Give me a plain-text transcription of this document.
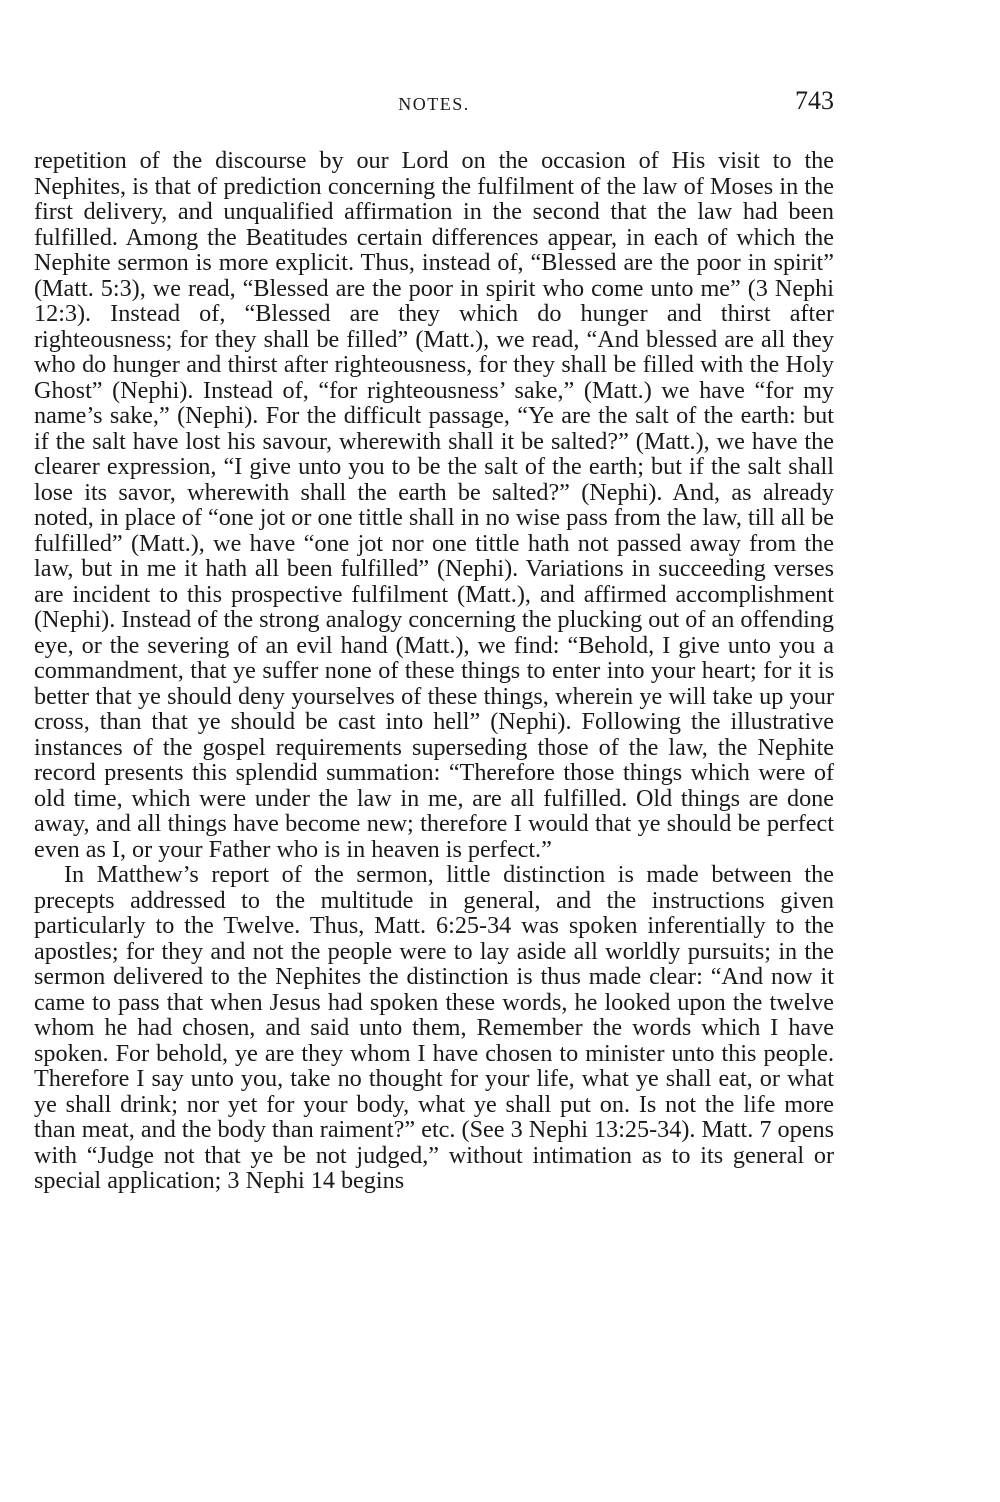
NOTES.	743

repetition of the discourse by our Lord on the occasion of His visit to the Nephites, is that of prediction concerning the fulfilment of the law of Moses in the first delivery, and unqualified affirmation in the second that the law had been fulfilled. Among the Beatitudes certain differences appear, in each of which the Nephite sermon is more explicit. Thus, instead of, “Blessed are the poor in spirit” (Matt. 5:3), we read, “Blessed are the poor in spirit who come unto me” (3 Nephi 12:3). Instead of, “Blessed are they which do hunger and thirst after righteousness; for they shall be filled” (Matt.), we read, “And blessed are all they who do hunger and thirst after righteousness, for they shall be filled with the Holy Ghost” (Nephi). Instead of, “for righteousness’ sake,” (Matt.) we have “for my name’s sake,” (Nephi). For the difficult passage, “Ye are the salt of the earth: but if the salt have lost his savour, wherewith shall it be salted?” (Matt.), we have the clearer expression, “I give unto you to be the salt of the earth; but if the salt shall lose its savor, wherewith shall the earth be salted?” (Nephi). And, as already noted, in place of “one jot or one tittle shall in no wise pass from the law, till all be fulfilled” (Matt.), we have “one jot nor one tittle hath not passed away from the law, but in me it hath all been fulfilled” (Nephi). Variations in succeeding verses are incident to this prospective fulfilment (Matt.), and affirmed accomplishment (Nephi). Instead of the strong analogy concerning the plucking out of an offending eye, or the severing of an evil hand (Matt.), we find: “Behold, I give unto you a commandment, that ye suffer none of these things to enter into your heart; for it is better that ye should deny yourselves of these things, wherein ye will take up your cross, than that ye should be cast into hell” (Nephi). Following the illustrative instances of the gospel requirements superseding those of the law, the Nephite record presents this splendid summation: “Therefore those things which were of old time, which were under the law in me, are all fulfilled. Old things are done away, and all things have become new; therefore I would that ye should be perfect even as I, or your Father who is in heaven is perfect.”

In Matthew’s report of the sermon, little distinction is made between the precepts addressed to the multitude in general, and the instructions given particularly to the Twelve. Thus, Matt. 6:25-34 was spoken inferentially to the apostles; for they and not the people were to lay aside all worldly pursuits; in the sermon delivered to the Nephites the distinction is thus made clear: “And now it came to pass that when Jesus had spoken these words, he looked upon the twelve whom he had chosen, and said unto them, Remember the words which I have spoken. For behold, ye are they whom I have chosen to minister unto this people. Therefore I say unto you, take no thought for your life, what ye shall eat, or what ye shall drink; nor yet for your body, what ye shall put on. Is not the life more than meat, and the body than raiment?” etc. (See 3 Nephi 13:25-34). Matt. 7 opens with “Judge not that ye be not judged,” without intimation as to its general or special application; 3 Nephi 14 begins
